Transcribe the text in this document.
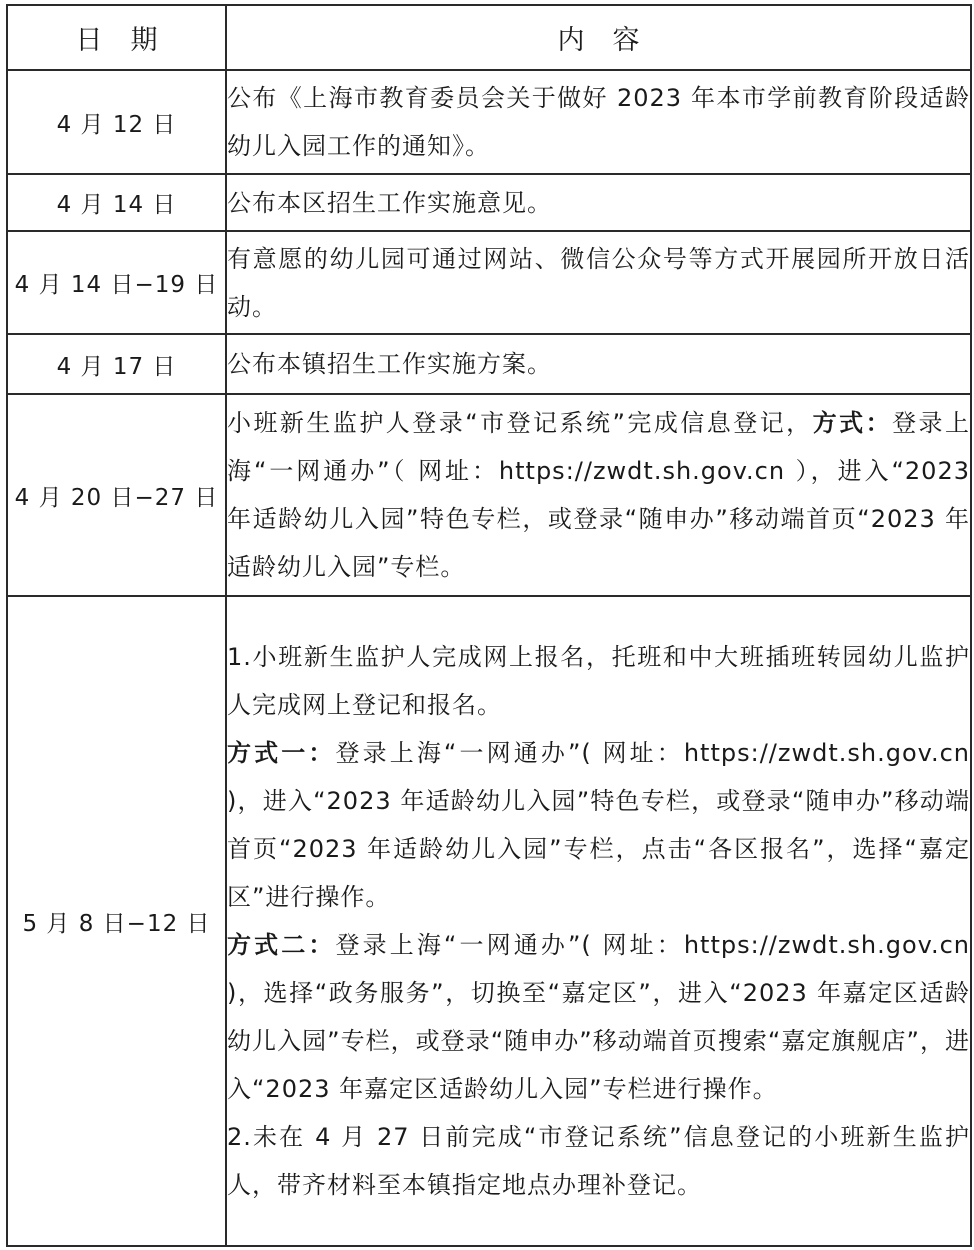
日期	内容
4 月 12 日	公布《上海市教育委员会关于做好 2023 年本市学前教育阶段适龄幼儿入园工作的通知》。
4 月 14 日	公布本区招生工作实施意见。
4 月 14 日−19 日	有意愿的幼儿园可通过网站、微信公众号等方式开展园所开放日活动。
4 月 17 日	公布本镇招生工作实施方案。
4 月 20 日−27 日	小班新生监护人登录“市登记系统”完成信息登记，方式：登录上海“一网通办”（ 网址：https://zwdt.sh.gov.cn ），进入“2023 年适龄幼儿入园”特色专栏，或登录“随申办”移动端首页“2023 年适龄幼儿入园”专栏。
5 月 8 日−12 日	1.小班新生监护人完成网上报名，托班和中大班插班转园幼儿监护人完成网上登记和报名。

方式一：登录上海“一网通办”( 网址：https://zwdt.sh.gov.cn )，进入“2023 年适龄幼儿入园”特色专栏，或登录“随申办”移动端首页“2023 年适龄幼儿入园”专栏，点击“各区报名”，选择“嘉定区”进行操作。

方式二：登录上海“一网通办”( 网址：https://zwdt.sh.gov.cn )，选择“政务服务”，切换至“嘉定区”，进入“2023 年嘉定区适龄幼儿入园”专栏，或登录“随申办”移动端首页搜索“嘉定旗舰店”，进入“2023 年嘉定区适龄幼儿入园”专栏进行操作。

2.未在 4 月 27 日前完成“市登记系统”信息登记的小班新生监护人，带齐材料至本镇指定地点办理补登记。
